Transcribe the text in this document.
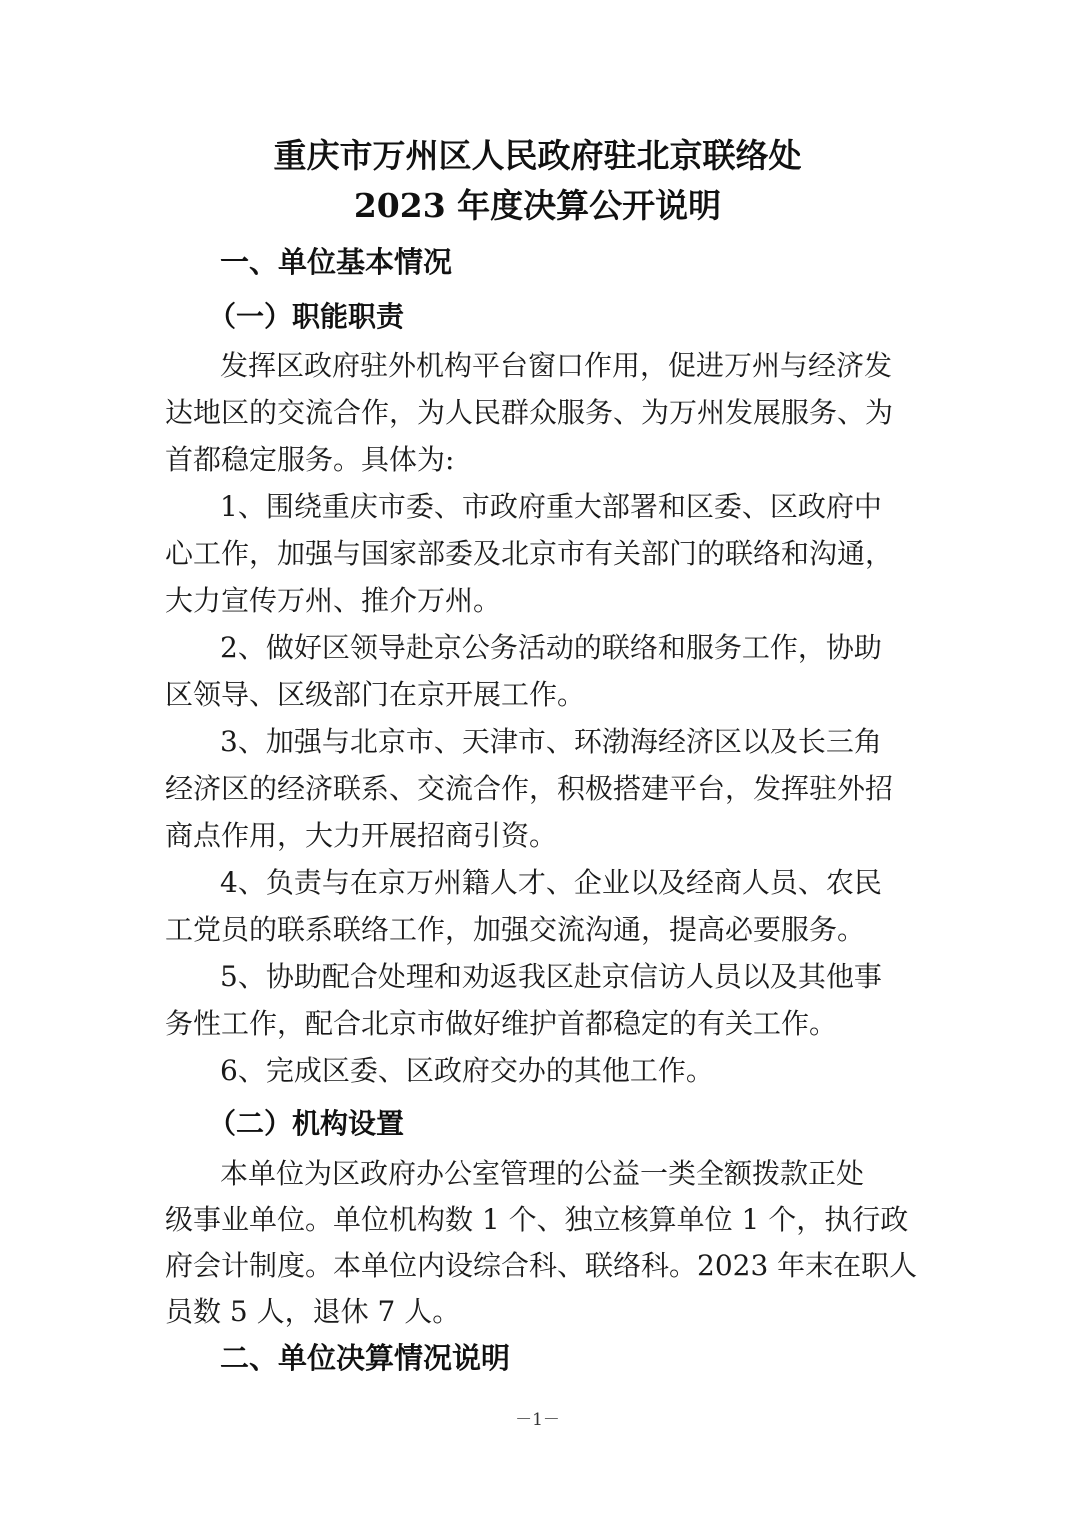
重庆市万州区人民政府驻北京联络处
2023 年度决算公开说明
一、单位基本情况
（一）职能职责
发挥区政府驻外机构平台窗口作用，促进万州与经济发
达地区的交流合作，为人民群众服务、为万州发展服务、为
首都稳定服务。具体为:
1、围绕重庆市委、市政府重大部署和区委、区政府中
心工作，加强与国家部委及北京市有关部门的联络和沟通，
大力宣传万州、推介万州。
2、做好区领导赴京公务活动的联络和服务工作，协助
区领导、区级部门在京开展工作。
3、加强与北京市、天津市、环渤海经济区以及长三角
经济区的经济联系、交流合作，积极搭建平台，发挥驻外招
商点作用，大力开展招商引资。
4、负责与在京万州籍人才、企业以及经商人员、农民
工党员的联系联络工作，加强交流沟通，提高必要服务。
5、协助配合处理和劝返我区赴京信访人员以及其他事
务性工作，配合北京市做好维护首都稳定的有关工作。
6、完成区委、区政府交办的其他工作。
（二）机构设置
本单位为区政府办公室管理的公益一类全额拨款正处
级事业单位。单位机构数 1 个、独立核算单位 1 个，执行政
府会计制度。本单位内设综合科、联络科。2023 年末在职人
员数 5 人，退休 7 人。
二、单位决算情况说明
－1－
